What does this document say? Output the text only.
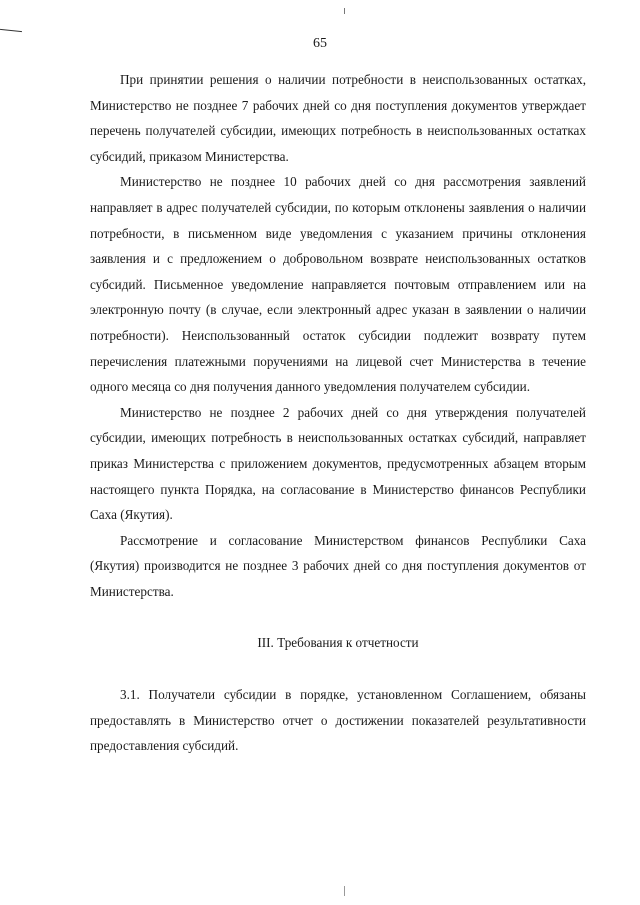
65

При принятии решения о наличии потребности в неиспользованных остатках, Министерство не позднее 7 рабочих дней со дня поступления документов утверждает перечень получателей субсидии, имеющих потребность в неиспользованных остатках субсидий, приказом Министерства.

Министерство не позднее 10 рабочих дней со дня рассмотрения заявлений направляет в адрес получателей субсидии, по которым отклонены заявления о наличии потребности, в письменном виде уведомления с указанием причины отклонения заявления и с предложением о добровольном возврате неиспользованных остатков субсидий. Письменное уведомление направляется почтовым отправлением или на электронную почту (в случае, если электронный адрес указан в заявлении о наличии потребности). Неиспользованный остаток субсидии подлежит возврату путем перечисления платежными поручениями на лицевой счет Министерства в течение одного месяца со дня получения данного уведомления получателем субсидии.

Министерство не позднее 2 рабочих дней со дня утверждения получателей субсидии, имеющих потребность в неиспользованных остатках субсидий, направляет приказ Министерства с приложением документов, предусмотренных абзацем вторым настоящего пункта Порядка, на согласование в Министерство финансов Республики Саха (Якутия).

Рассмотрение и согласование Министерством финансов Республики Саха (Якутия) производится не позднее 3 рабочих дней со дня поступления документов от Министерства.

III. Требования к отчетности

3.1. Получатели субсидии в порядке, установленном Соглашением, обязаны предоставлять в Министерство отчет о достижении показателей результативности предоставления субсидий.
